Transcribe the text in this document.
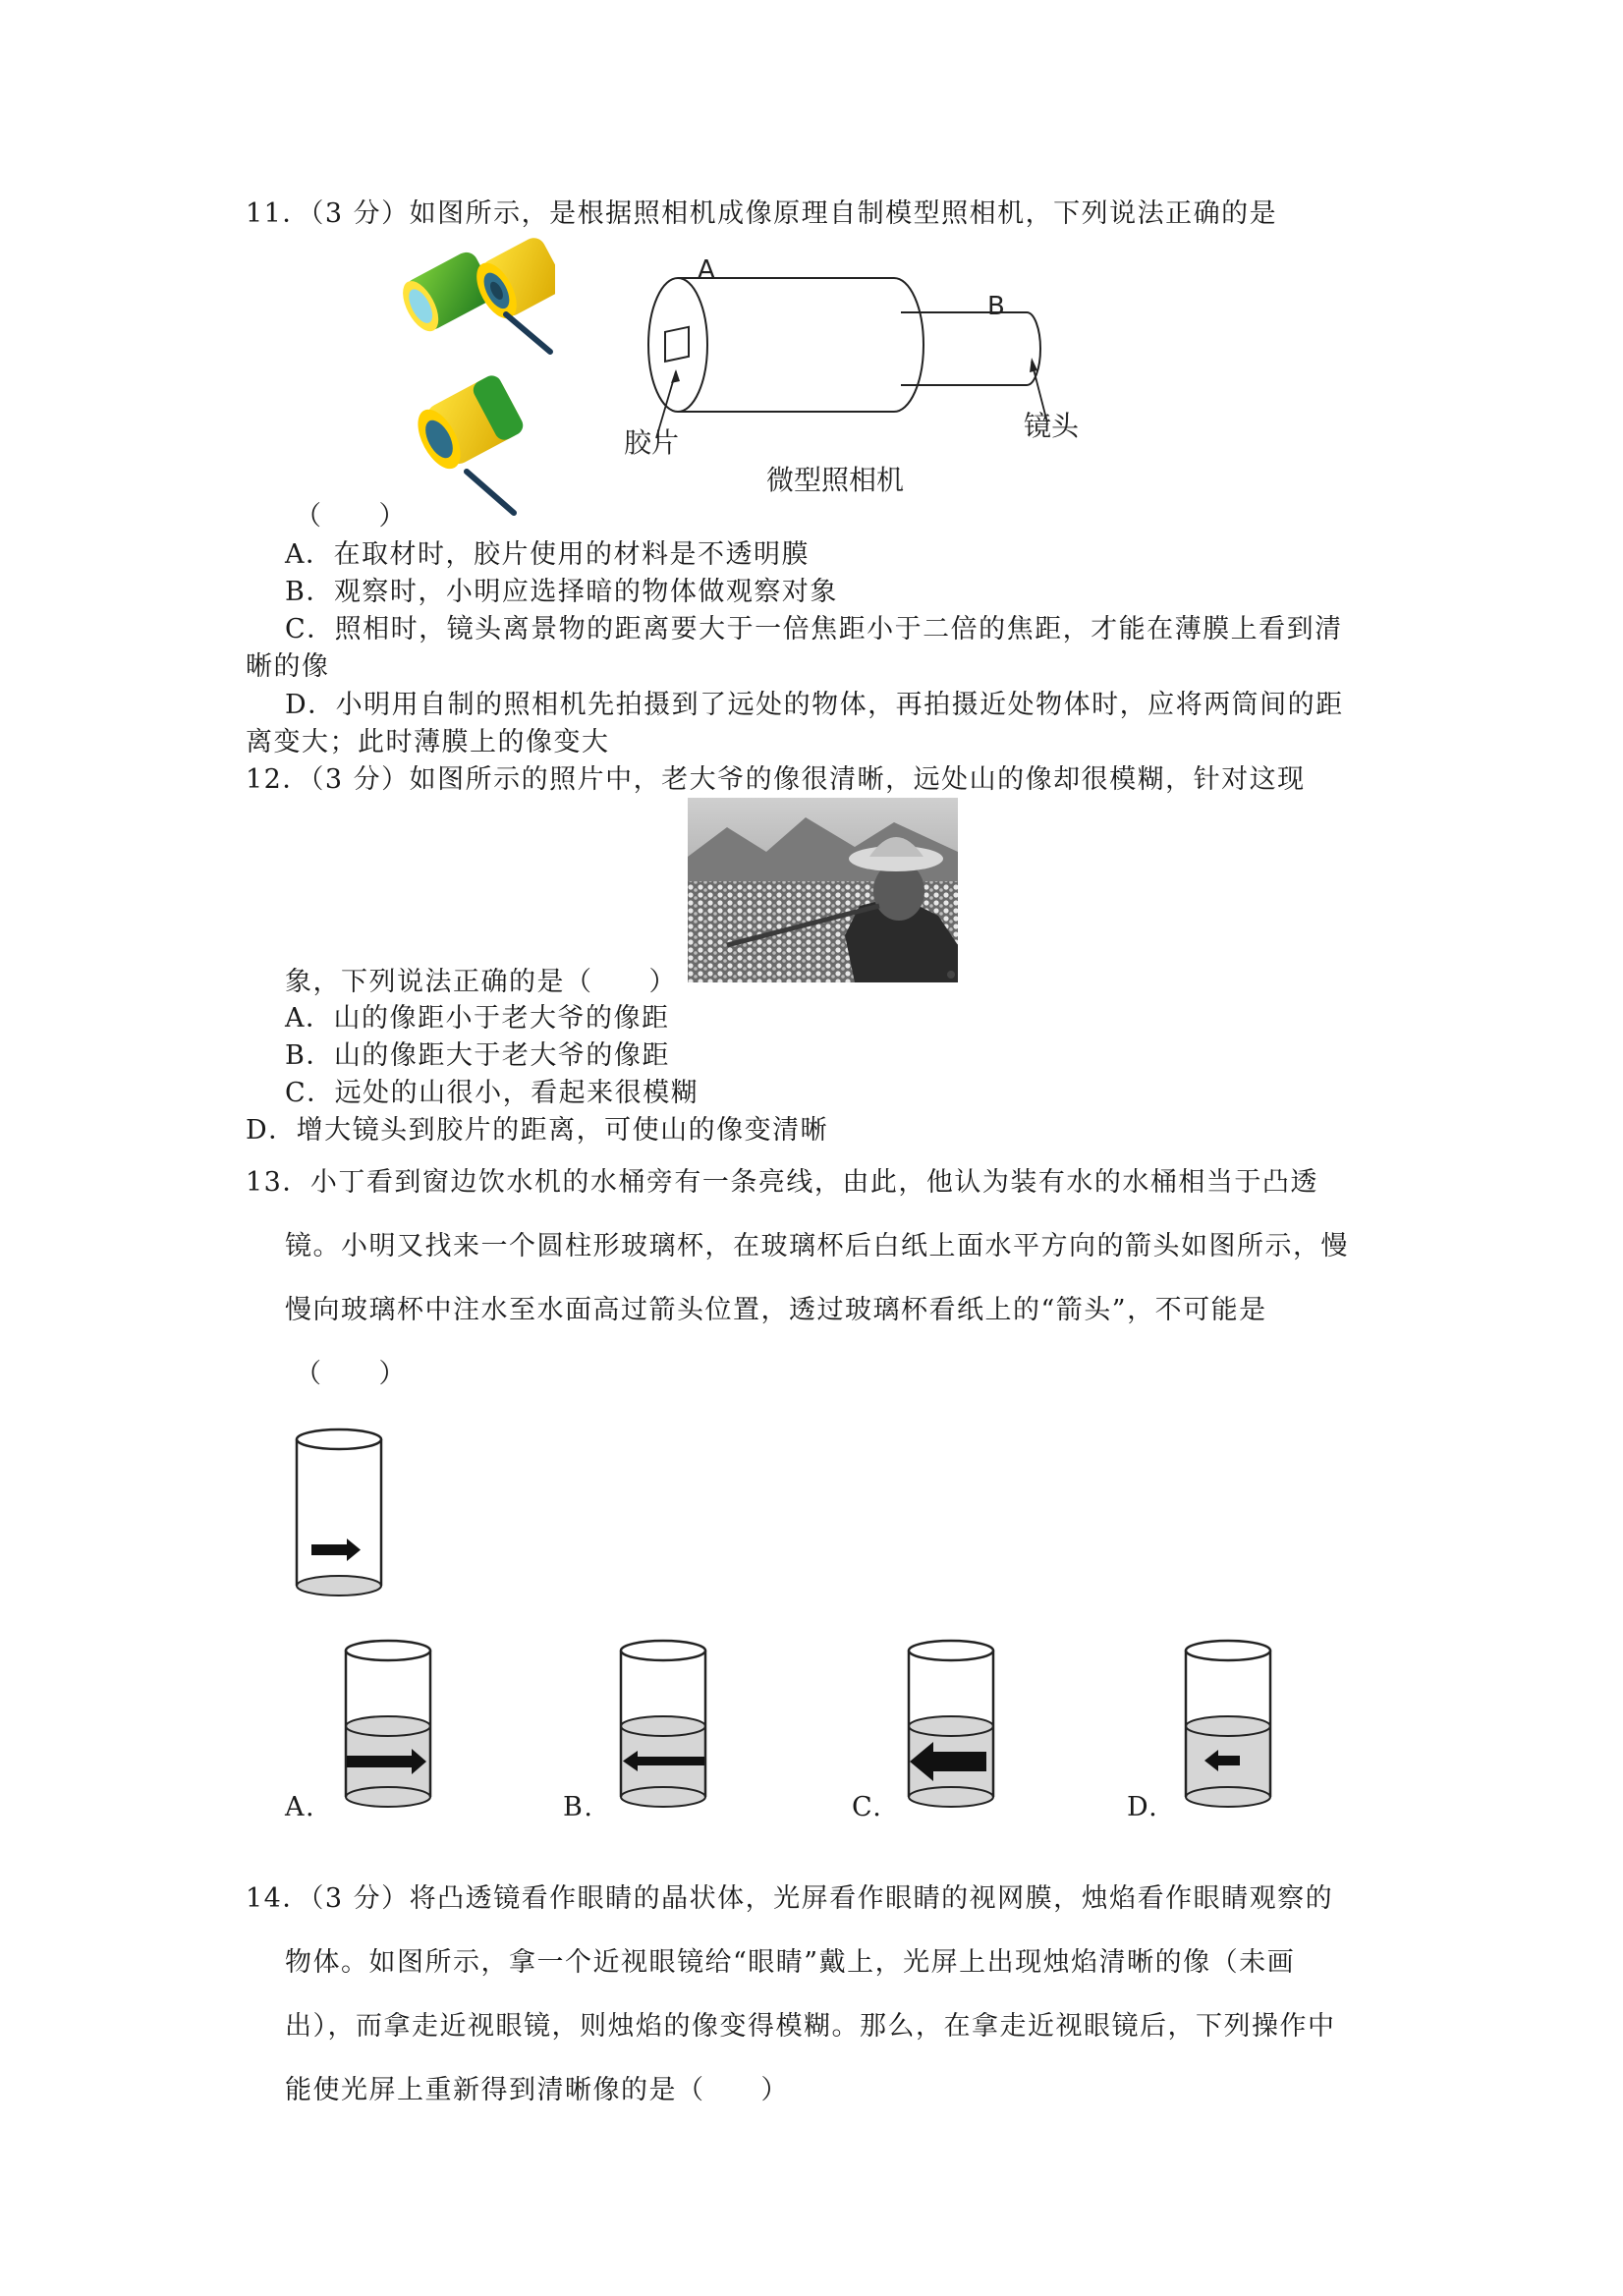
11．（3 分）如图所示，是根据照相机成像原理自制模型照相机，下列说法正确的是
A
B
胶片
镜头
微型照相机
（　　）
A．在取材时，胶片使用的材料是不透明膜
B．观察时，小明应选择暗的物体做观察对象
C．照相时，镜头离景物的距离要大于一倍焦距小于二倍的焦距，才能在薄膜上看到清
晰的像
D．小明用自制的照相机先拍摄到了远处的物体，再拍摄近处物体时，应将两筒间的距
离变大；此时薄膜上的像变大
12．（3 分）如图所示的照片中，老大爷的像很清晰，远处山的像却很模糊，针对这现
象，下列说法正确的是（　　）
A．山的像距小于老大爷的像距
B．山的像距大于老大爷的像距
C．远处的山很小，看起来很模糊
D．增大镜头到胶片的距离，可使山的像变清晰
13．小丁看到窗边饮水机的水桶旁有一条亮线，由此，他认为装有水的水桶相当于凸透
镜。小明又找来一个圆柱形玻璃杯，在玻璃杯后白纸上面水平方向的箭头如图所示，慢
慢向玻璃杯中注水至水面高过箭头位置，透过玻璃杯看纸上的“箭头”，不可能是
（　　）
A.	B.	C.	D.
14．（3 分）将凸透镜看作眼睛的晶状体，光屏看作眼睛的视网膜，烛焰看作眼睛观察的
物体。如图所示，拿一个近视眼镜给“眼睛”戴上，光屏上出现烛焰清晰的像（未画
出），而拿走近视眼镜，则烛焰的像变得模糊。那么，在拿走近视眼镜后，下列操作中
能使光屏上重新得到清晰像的是（　　）
